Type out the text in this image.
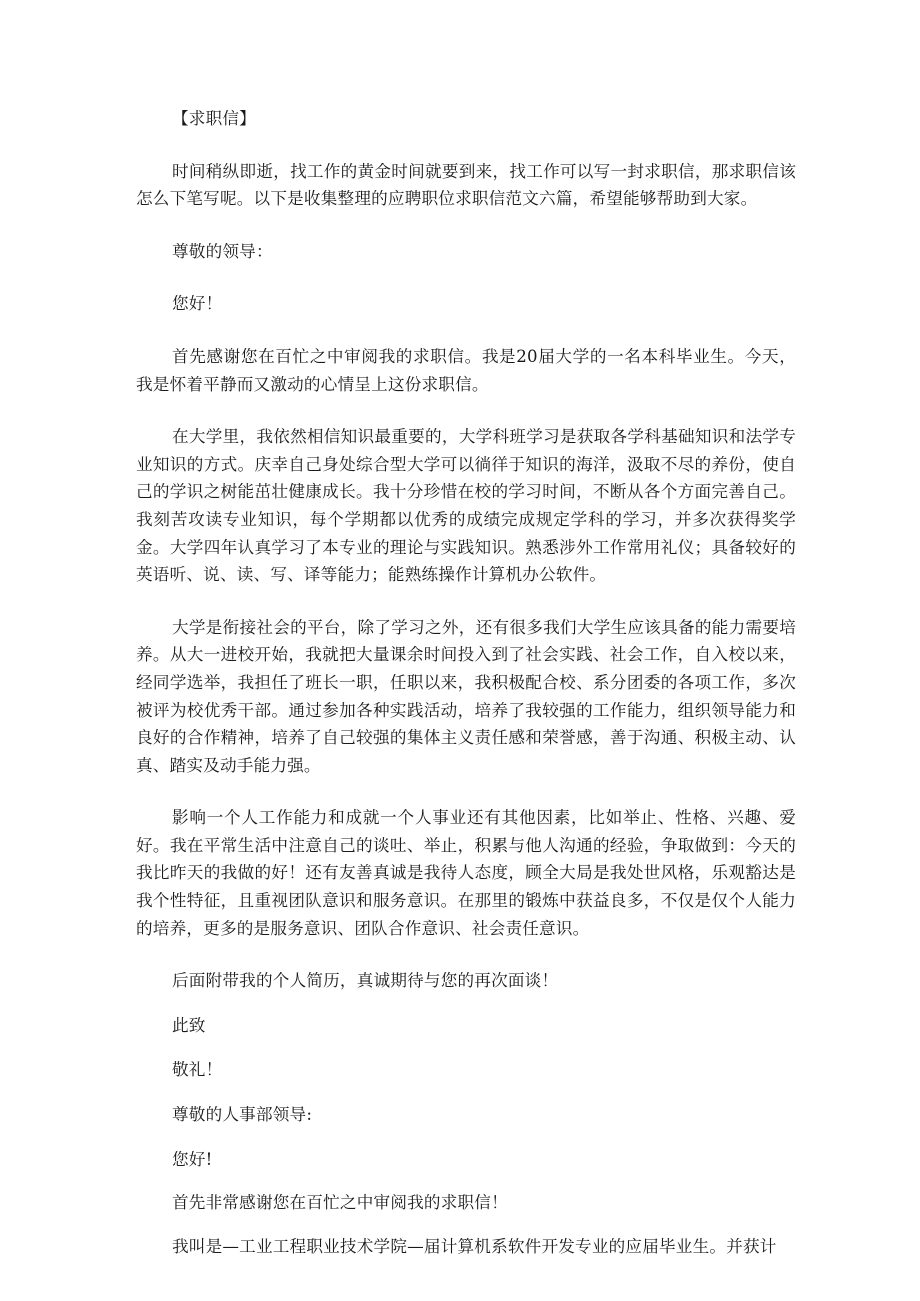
【求职信】

时间稍纵即逝，找工作的黄金时间就要到来，找工作可以写一封求职信，那求职信该怎么下笔写呢。以下是收集整理的应聘职位求职信范文六篇，希望能够帮助到大家。

尊敬的领导：

您好！

首先感谢您在百忙之中审阅我的求职信。我是20届大学的一名本科毕业生。今天，我是怀着平静而又激动的心情呈上这份求职信。

在大学里，我依然相信知识最重要的，大学科班学习是获取各学科基础知识和法学专业知识的方式。庆幸自己身处综合型大学可以徜徉于知识的海洋，汲取不尽的养份，使自己的学识之树能茁壮健康成长。我十分珍惜在校的学习时间，不断从各个方面完善自己。我刻苦攻读专业知识，每个学期都以优秀的成绩完成规定学科的学习，并多次获得奖学金。大学四年认真学习了本专业的理论与实践知识。熟悉涉外工作常用礼仪；具备较好的英语听、说、读、写、译等能力；能熟练操作计算机办公软件。

大学是衔接社会的平台，除了学习之外，还有很多我们大学生应该具备的能力需要培养。从大一进校开始，我就把大量课余时间投入到了社会实践、社会工作，自入校以来，经同学选举，我担任了班长一职，任职以来，我积极配合校、系分团委的各项工作，多次被评为校优秀干部。通过参加各种实践活动，培养了我较强的工作能力，组织领导能力和良好的合作精神，培养了自己较强的集体主义责任感和荣誉感，善于沟通、积极主动、认真、踏实及动手能力强。

影响一个人工作能力和成就一个人事业还有其他因素，比如举止、性格、兴趣、爱好。我在平常生活中注意自己的谈吐、举止，积累与他人沟通的经验，争取做到：今天的我比昨天的我做的好！还有友善真诚是我待人态度，顾全大局是我处世风格，乐观豁达是我个性特征，且重视团队意识和服务意识。在那里的锻炼中获益良多，不仅是仅个人能力的培养，更多的是服务意识、团队合作意识、社会责任意识。

后面附带我的个人简历，真诚期待与您的再次面谈！

此致

敬礼！

尊敬的人事部领导:

您好!

首先非常感谢您在百忙之中审阅我的求职信！

我叫是—工业工程职业技术学院—届计算机系软件开发专业的应届毕业生。并获计
